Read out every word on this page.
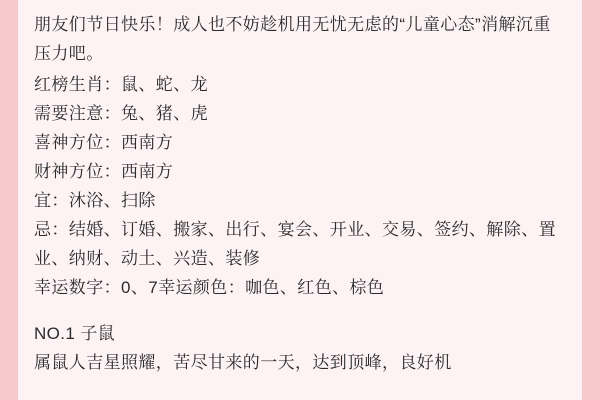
朋友们节日快乐！成人也不妨趁机用无忧无虑的“儿童心态”消解沉重压力吧。
红榜生肖：鼠、蛇、龙
需要注意：兔、猪、虎
喜神方位：西南方
财神方位：西南方
宜：沐浴、扫除
忌：结婚、订婚、搬家、出行、宴会、开业、交易、签约、解除、置业、纳财、动土、兴造、装修
幸运数字：0、7幸运颜色：咖色、红色、棕色
NO.1 子鼠
属鼠人吉星照耀，苦尽甘来的一天，达到顶峰，良好机
